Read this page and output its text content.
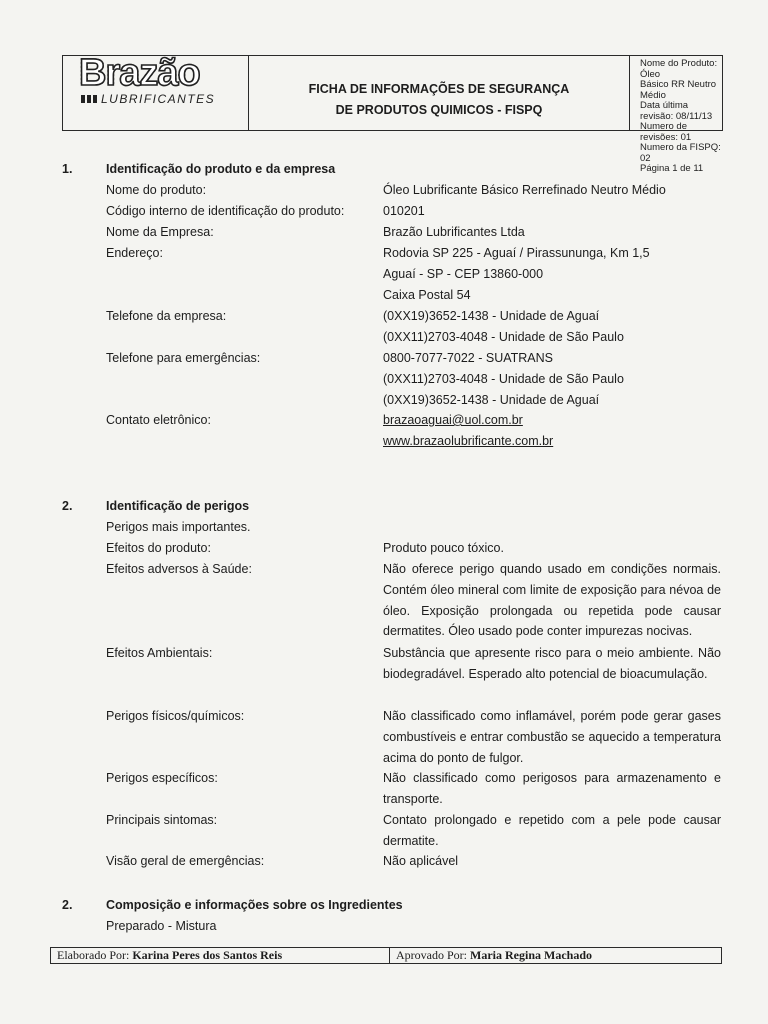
Brazão
LUBRIFICANTES
FICHA DE INFORMAÇÕES DE SEGURANÇA
DE PRODUTOS QUIMICOS - FISPQ
Nome do Produto: Óleo
Básico RR Neutro Médio
Data última revisão: 08/11/13
Numero de revisões: 01
Numero da FISPQ: 02
Página 1 de 11
1.	Identificação do produto e da empresa
Nome do produto:	Óleo Lubrificante Básico Rerrefinado Neutro Médio
Código interno de identificação do produto:	010201
Nome da Empresa:	Brazão Lubrificantes Ltda
Endereço:	Rodovia SP 225 - Aguaí / Pirassununga, Km 1,5
Aguaí - SP - CEP 13860-000
Caixa Postal 54
Telefone da empresa:	(0XX19)3652-1438 - Unidade de Aguaí
(0XX11)2703-4048 - Unidade de São Paulo
Telefone para emergências:	0800-7077-7022 - SUATRANS
(0XX11)2703-4048 - Unidade de São Paulo
(0XX19)3652-1438 - Unidade de Aguaí
Contato eletrônico:	brazaoaguai@uol.com.br
www.brazaolubrificante.com.br
2.	Identificação de perigos
Perigos mais importantes.
Efeitos do produto:	Produto pouco tóxico.
Efeitos adversos à Saúde:	Não oferece perigo quando usado em condições normais. Contém óleo mineral com limite de exposição para névoa de óleo. Exposição prolongada ou repetida pode causar dermatites. Óleo usado pode conter impurezas nocivas.
Efeitos Ambientais:	Substância que apresente risco para o meio ambiente. Não biodegradável. Esperado alto potencial de bioacumulação.
Perigos físicos/químicos:	Não classificado como inflamável, porém pode gerar gases combustíveis e entrar combustão se aquecido a temperatura acima do ponto de fulgor.
Perigos específicos:	Não classificado como perigosos para armazenamento e transporte.
Principais sintomas:	Contato prolongado e repetido com a pele pode causar dermatite.
Visão geral de emergências:	Não aplicável
2.	Composição e informações sobre os Ingredientes
Preparado - Mistura
Elaborado Por: Karina Peres dos Santos Reis	Aprovado Por: Maria Regina Machado
